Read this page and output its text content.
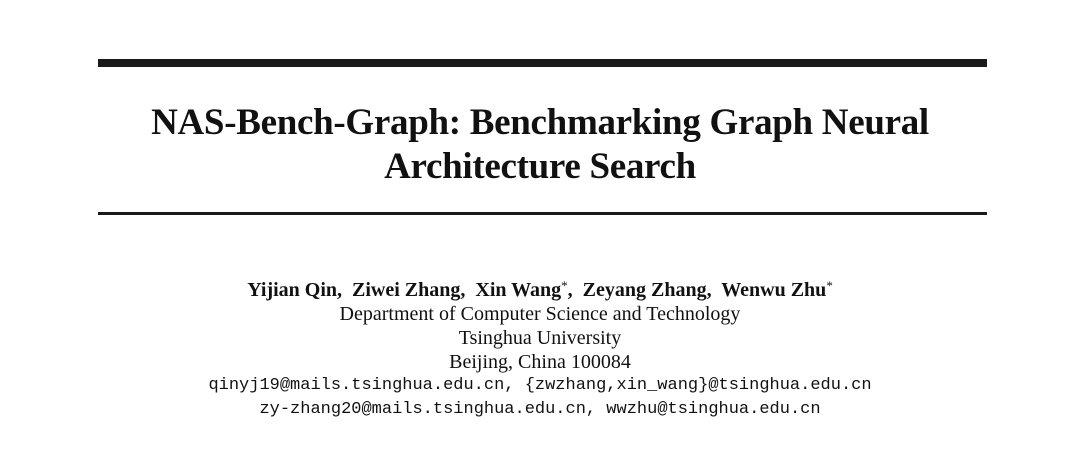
NAS-Bench-Graph: Benchmarking Graph Neural
Architecture Search
Yijian Qin, Ziwei Zhang, Xin Wang*, Zeyang Zhang, Wenwu Zhu*
Department of Computer Science and Technology
Tsinghua University
Beijing, China 100084
qinyj19@mails.tsinghua.edu.cn, {zwzhang,xin_wang}@tsinghua.edu.cn
zy-zhang20@mails.tsinghua.edu.cn, wwzhu@tsinghua.edu.cn
